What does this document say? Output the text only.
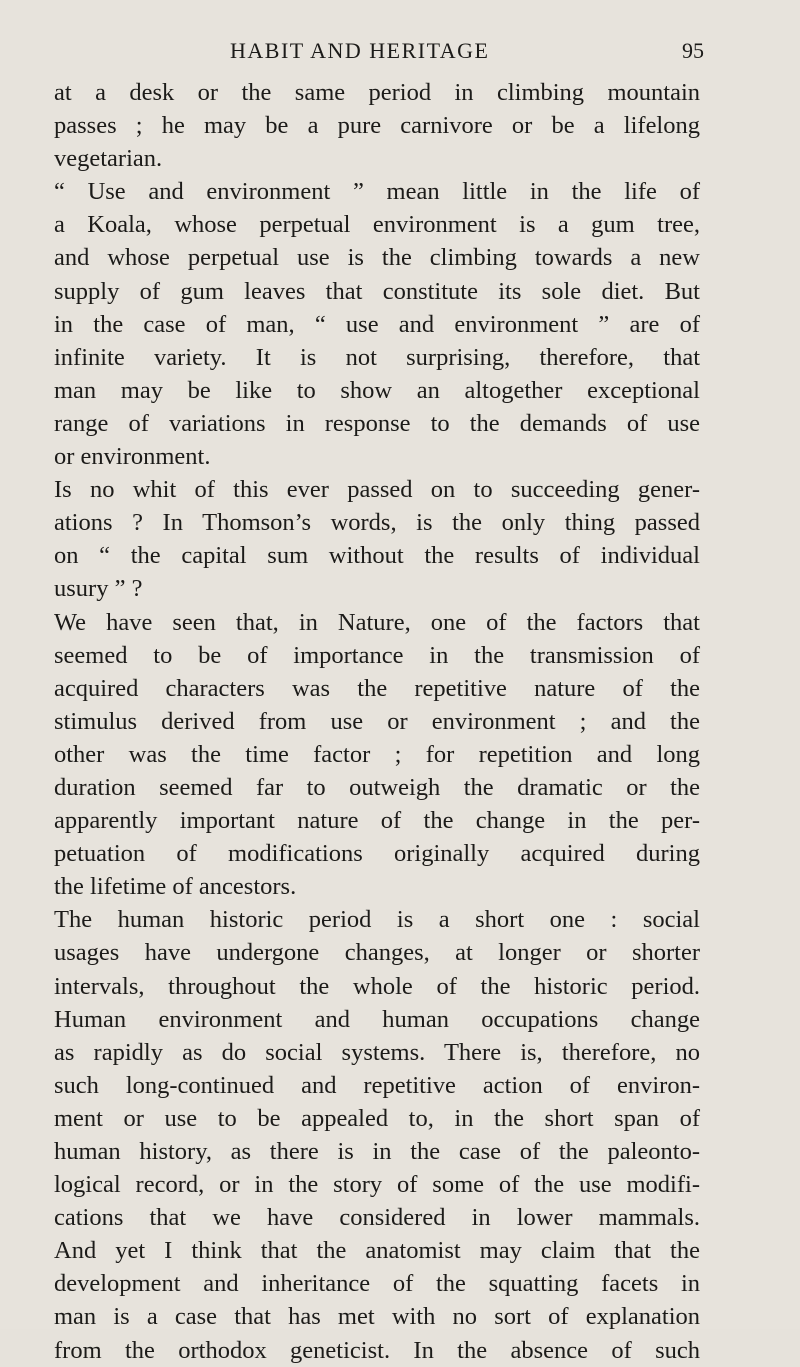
HABIT AND HERITAGE	95
at a desk or the same period in climbing mountain
passes ; he may be a pure carnivore or be a lifelong
vegetarian.
“ Use and environment ” mean little in the life of
a Koala, whose perpetual environment is a gum tree,
and whose perpetual use is the climbing towards a new
supply of gum leaves that constitute its sole diet. But
in the case of man, “ use and environment ” are of
infinite variety. It is not surprising, therefore, that
man may be like to show an altogether exceptional
range of variations in response to the demands of use
or environment.
Is no whit of this ever passed on to succeeding gener-
ations ? In Thomson’s words, is the only thing passed
on “ the capital sum without the results of individual
usury ” ?
We have seen that, in Nature, one of the factors that
seemed to be of importance in the transmission of
acquired characters was the repetitive nature of the
stimulus derived from use or environment ; and the
other was the time factor ; for repetition and long
duration seemed far to outweigh the dramatic or the
apparently important nature of the change in the per-
petuation of modifications originally acquired during
the lifetime of ancestors.
The human historic period is a short one : social
usages have undergone changes, at longer or shorter
intervals, throughout the whole of the historic period.
Human environment and human occupations change
as rapidly as do social systems. There is, therefore, no
such long-continued and repetitive action of environ-
ment or use to be appealed to, in the short span of
human history, as there is in the case of the paleonto-
logical record, or in the story of some of the use modifi-
cations that we have considered in lower mammals.
And yet I think that the anatomist may claim that the
development and inheritance of the squatting facets in
man is a case that has met with no sort of explanation
from the orthodox geneticist. In the absence of such
